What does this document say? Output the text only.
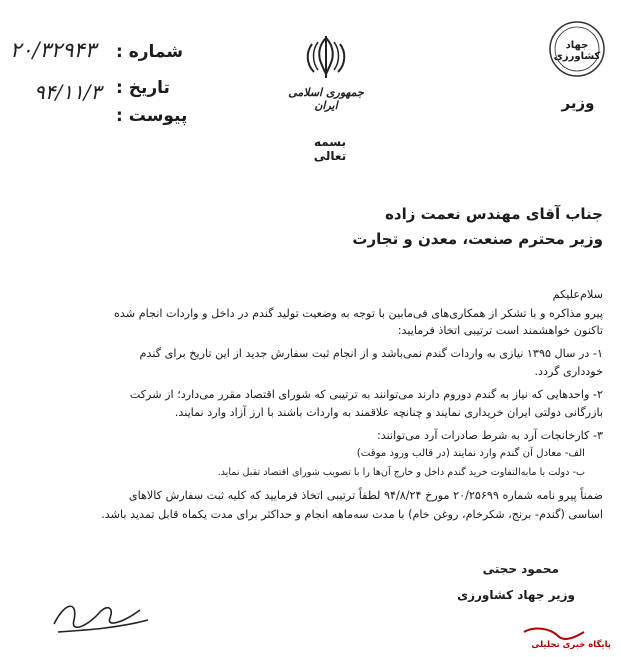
۲۰/۳۲۹۴۳
۹۴/۱۱/۳
شماره :
تاریخ :
پیوست :
جمهوری اسلامی ایران
بسمه تعالی
جهاد کشاورزی
وزیر
جناب آقای مهندس نعمت زاده
وزیر محترم صنعت، معدن و تجارت
سلام‌علیکم
پیرو مذاکره و با تشکر از همکاری‌های فی‌مابین با توجه به وضعیت تولید گندم در داخل و واردات انجام شده
تاکنون خواهشمند است ترتیبی اتخاذ فرمایید:
۱- در سال ۱۳۹۵ نیازی به واردات گندم نمی‌باشد و از انجام ثبت سفارش جدید از این تاریخ برای گندم
خودداری گردد.
۲- واحدهایی که نیاز به گندم دوروم دارند می‌توانند به ترتیبی که شورای اقتصاد مقرر می‌دارد؛ از شرکت
بازرگانی دولتی ایران خریداری نمایند و چنانچه علاقمند به واردات باشند با ارز آزاد وارد نمایند.
۳- کارخانجات آرد به شرط صادرات آرد می‌توانند:
الف- معادل آن گندم وارد نمایند (در قالب ورود موقت)
ب- دولت با مابه‌التفاوت خرید گندم داخل و خارج آن‌ها را با تصویب شورای اقتصاد تقبل نماید.
ضمناً پیرو نامه شماره ۲۰/۲۵۶۹۹ مورخ ۹۴/۸/۲۴ لطفاً ترتیبی اتخاذ فرمایید که کلیه ثبت سفارش کالاهای
اساسی (گندم- برنج، شکرخام، روغن خام) با مدت سه‌ماهه انجام و حداکثر برای مدت یکماه قابل تمدید باشد.
محمود حجتی
وزیر جهاد کشاورزی
پایگاه خبری تحلیلی
